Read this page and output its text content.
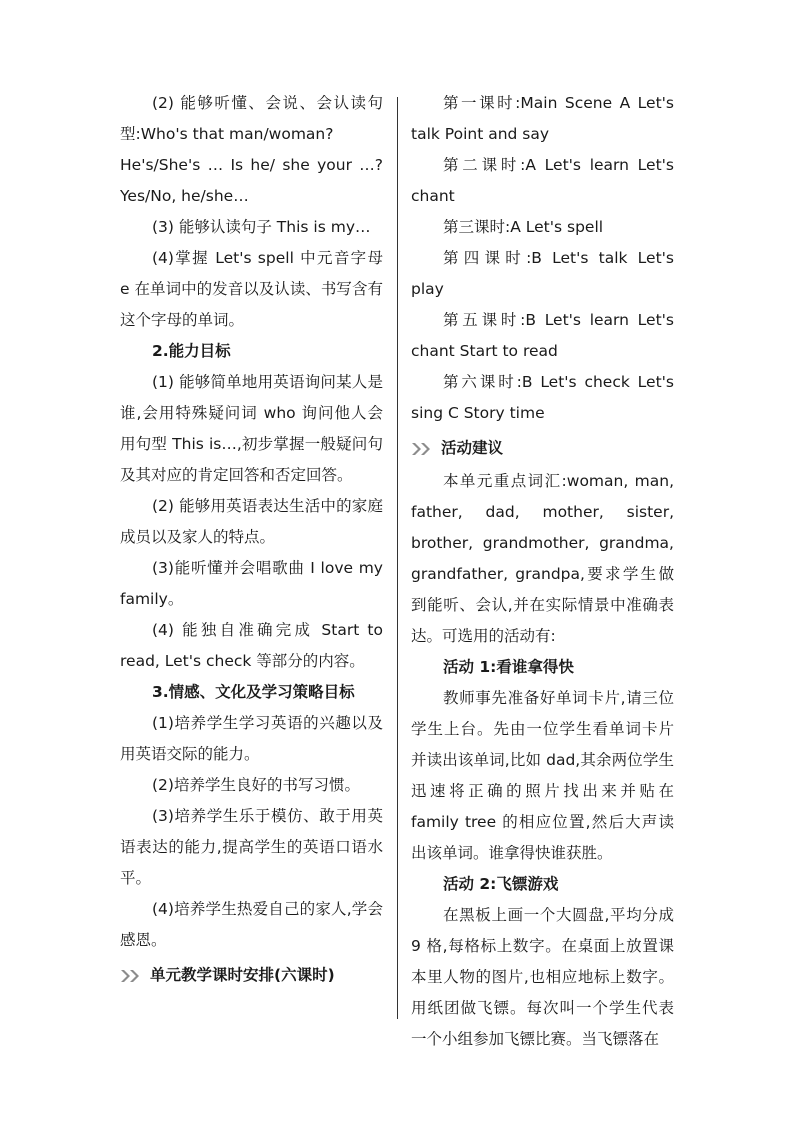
(2) 能够听懂、会说、会认读句型:Who's that man/woman?

He's/She's … Is he/ she your …? Yes/No, he/she…

(3) 能够认读句子 This is my…

(4)掌握 Let's spell 中元音字母 e 在单词中的发音以及认读、书写含有这个字母的单词。

2.能力目标

(1) 能够简单地用英语询问某人是谁,会用特殊疑问词 who 询问他人会用句型 This is…,初步掌握一般疑问句及其对应的肯定回答和否定回答。

(2) 能够用英语表达生活中的家庭成员以及家人的特点。

(3)能听懂并会唱歌曲 I love my family。

(4) 能独自准确完成 Start to read, Let's check 等部分的内容。

3.情感、文化及学习策略目标

(1)培养学生学习英语的兴趣以及用英语交际的能力。

(2)培养学生良好的书写习惯。

(3)培养学生乐于模仿、敢于用英语表达的能力,提高学生的英语口语水平。

(4)培养学生热爱自己的家人,学会感恩。

单元教学课时安排(六课时)

第一课时:Main Scene A Let's talk Point and say

第二课时:A Let's learn Let's chant

第三课时:A Let's spell

第四课时:B Let's talk Let's play

第五课时:B Let's learn Let's chant Start to read

第六课时:B Let's check Let's sing C Story time

活动建议

本单元重点词汇:woman, man, father, dad, mother, sister, brother, grandmother, grandma, grandfather, grandpa,要求学生做到能听、会认,并在实际情景中准确表达。可选用的活动有:

活动 1:看谁拿得快

教师事先准备好单词卡片,请三位学生上台。先由一位学生看单词卡片并读出该单词,比如 dad,其余两位学生迅速将正确的照片找出来并贴在 family tree 的相应位置,然后大声读出该单词。谁拿得快谁获胜。

活动 2:飞镖游戏

在黑板上画一个大圆盘,平均分成 9 格,每格标上数字。在桌面上放置课本里人物的图片,也相应地标上数字。用纸团做飞镖。每次叫一个学生代表一个小组参加飞镖比赛。当飞镖落在
